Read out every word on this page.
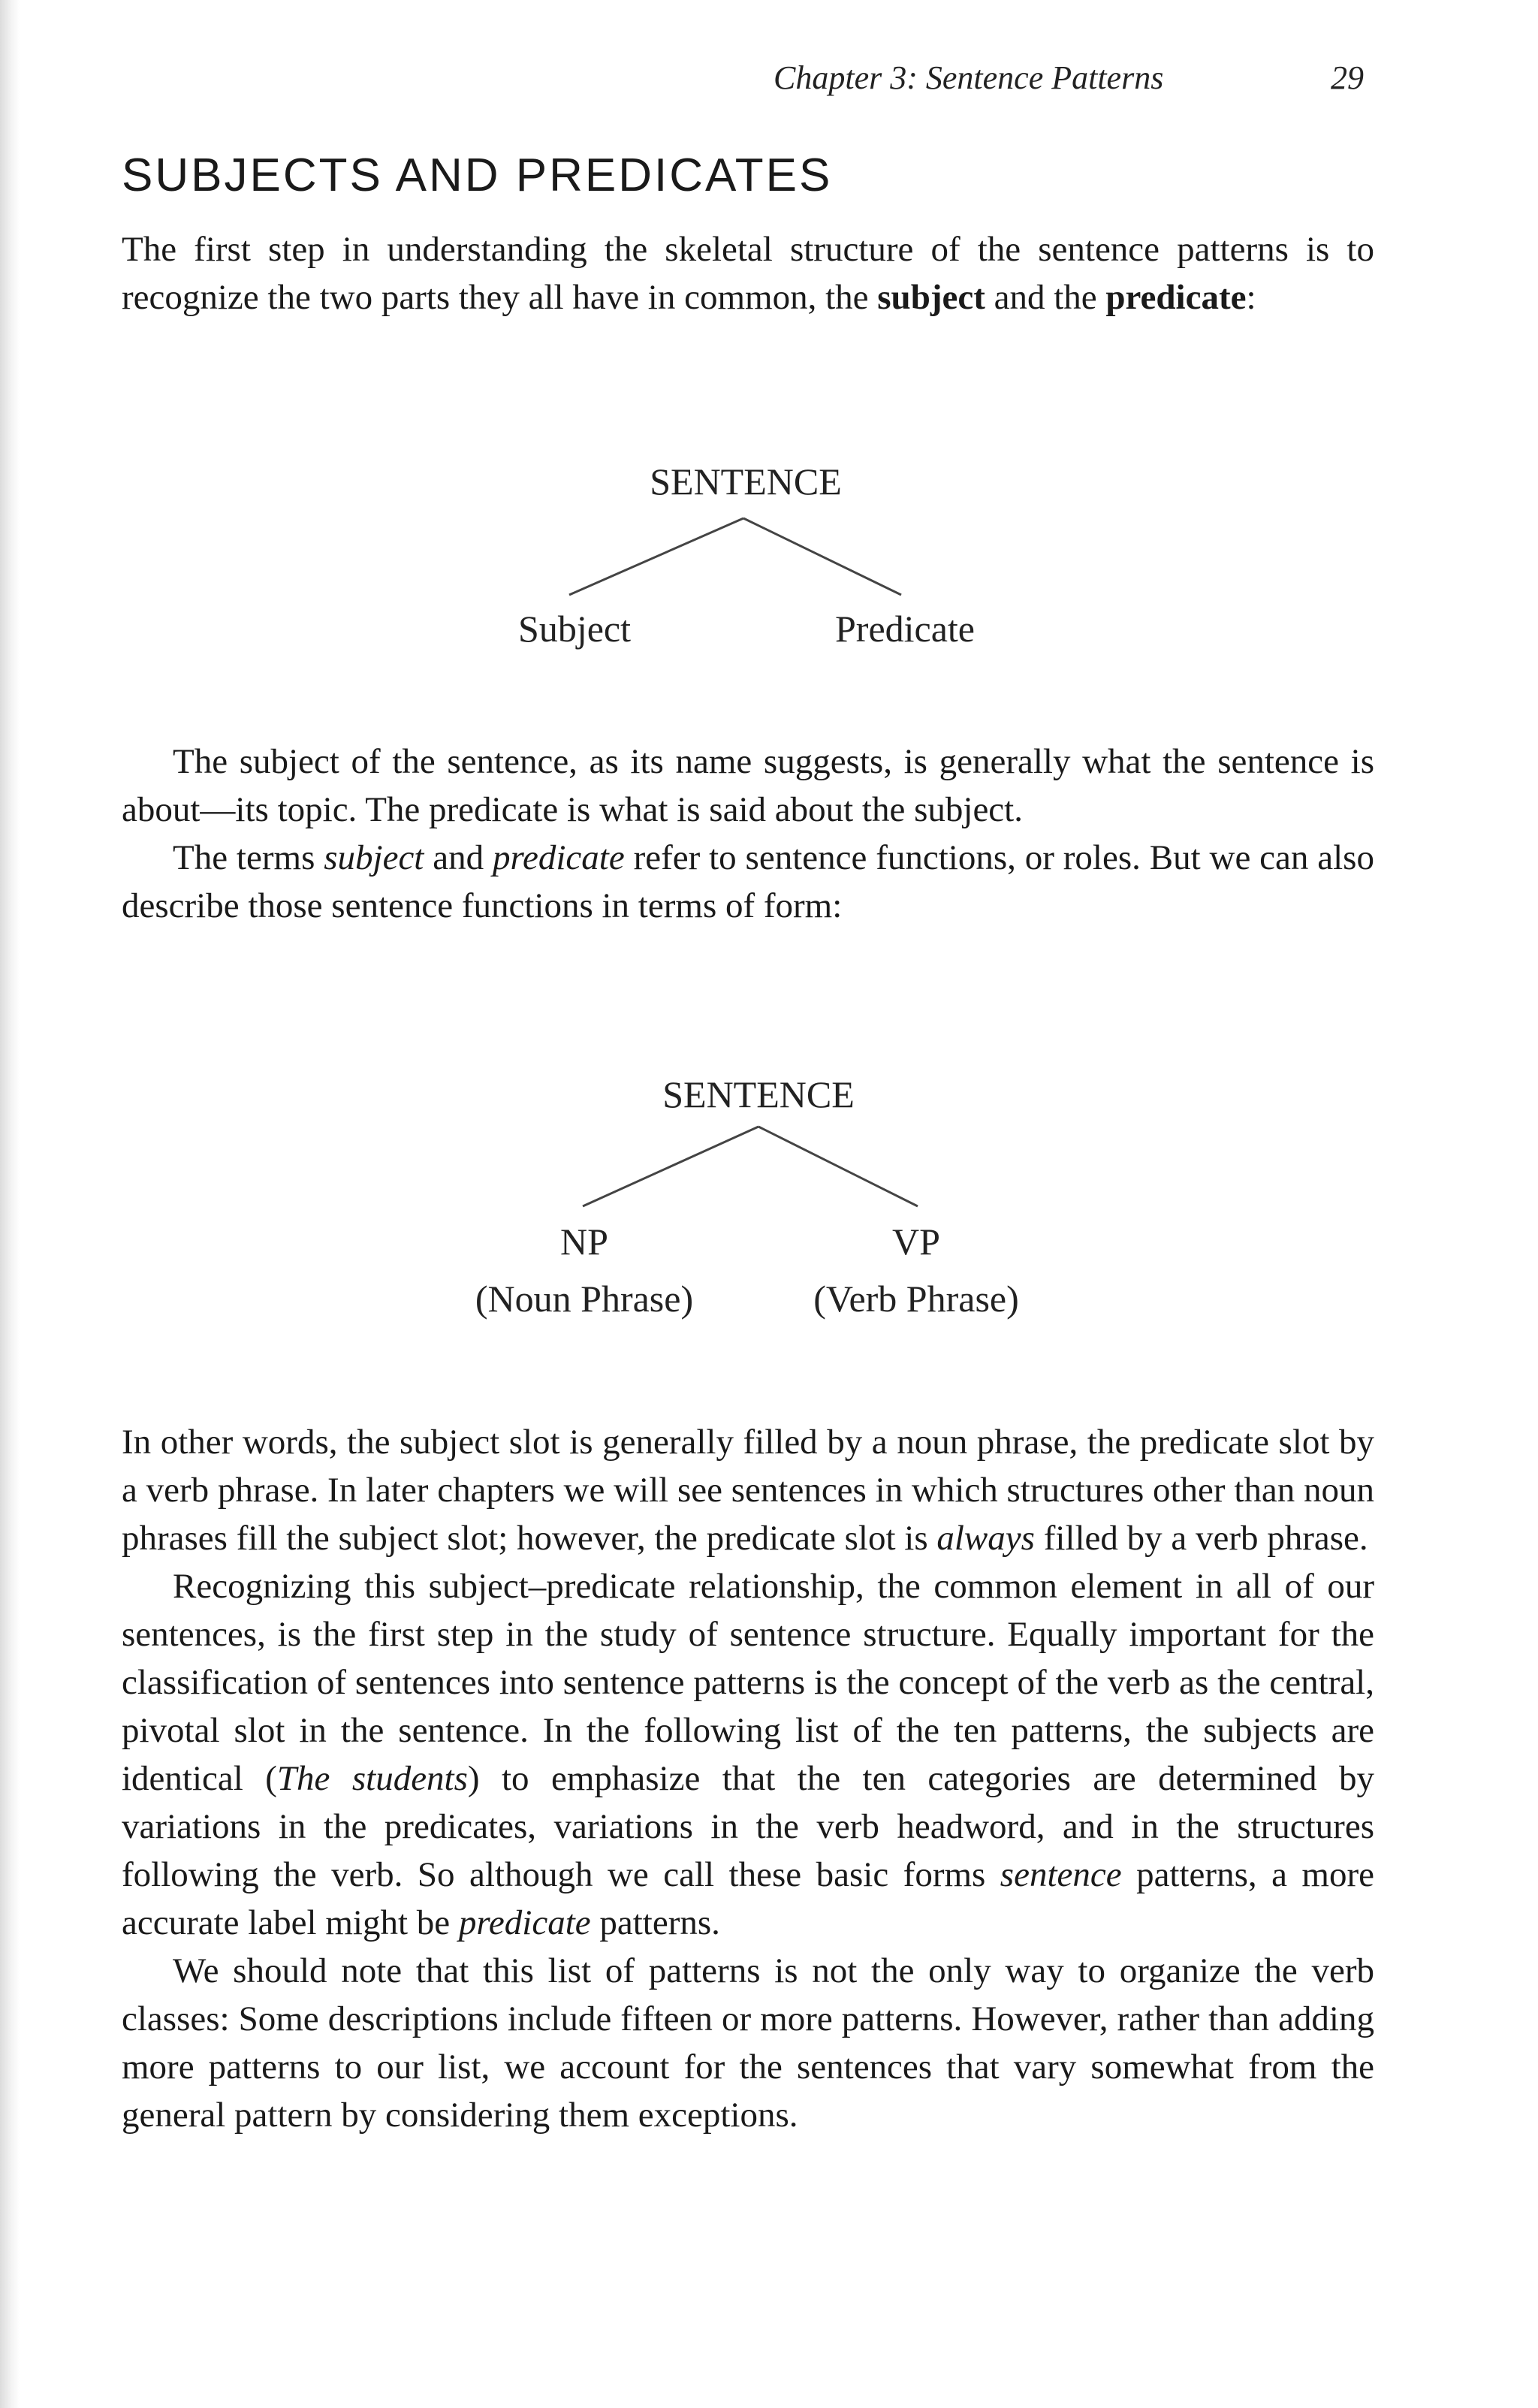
Chapter 3: Sentence Patterns	29
SUBJECTS AND PREDICATES

The first step in understanding the skeletal structure of the sentence patterns is to recognize the two parts they all have in common, the subject and the predicate:

SENTENCE
Subject	Predicate

The subject of the sentence, as its name suggests, is generally what the sentence is about—its topic. The predicate is what is said about the subject.

The terms subject and predicate refer to sentence functions, or roles. But we can also describe those sentence functions in terms of form:

SENTENCE
NP
(Noun Phrase)
VP
(Verb Phrase)

In other words, the subject slot is generally filled by a noun phrase, the predicate slot by a verb phrase. In later chapters we will see sentences in which structures other than noun phrases fill the subject slot; however, the predicate slot is always filled by a verb phrase.

Recognizing this subject–predicate relationship, the common element in all of our sentences, is the first step in the study of sentence structure. Equally important for the classification of sentences into sentence patterns is the concept of the verb as the central, pivotal slot in the sentence. In the following list of the ten patterns, the subjects are identical (The students) to emphasize that the ten categories are determined by variations in the predicates, variations in the verb headword, and in the structures following the verb. So although we call these basic forms sentence patterns, a more accurate label might be predicate patterns.

We should note that this list of patterns is not the only way to organize the verb classes: Some descriptions include fifteen or more patterns. However, rather than adding more patterns to our list, we account for the sentences that vary somewhat from the general pattern by considering them exceptions.
